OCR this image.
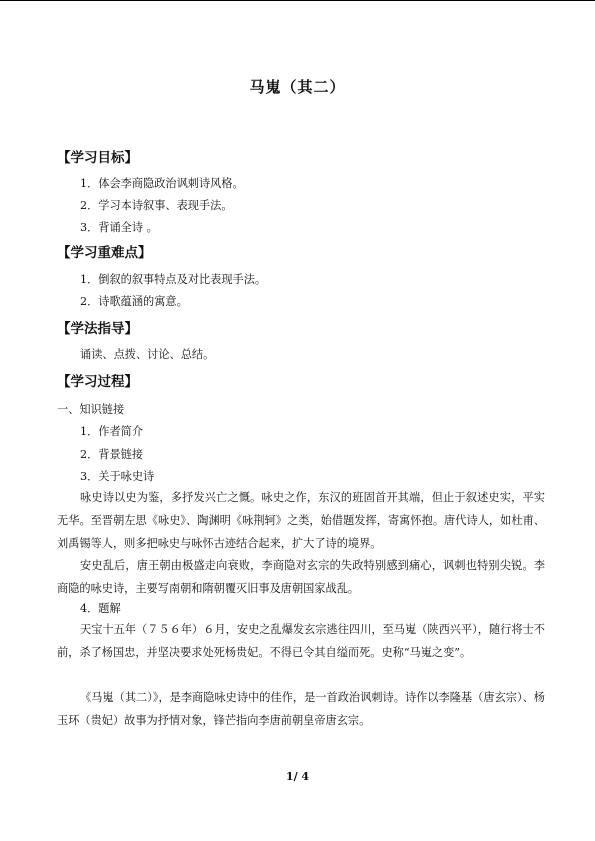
马嵬（其二）
【学习目标】
1．体会李商隐政治讽刺诗风格。
2．学习本诗叙事、表现手法。
3．背诵全诗 。
【学习重难点】
1．倒叙的叙事特点及对比表现手法。
2．诗歌蕴涵的寓意。
【学法指导】
诵读、点拨、讨论、总结。
【学习过程】
一、知识链接
1．作者简介
2．背景链接
3．关于咏史诗

咏史诗以史为鉴，多抒发兴亡之慨。咏史之作，东汉的班固首开其端，但止于叙述史实，平实无华。至晋朝左思《咏史》、陶渊明《咏荆轲》之类，始借题发挥，寄寓怀抱。唐代诗人，如杜甫、刘禹锡等人，则多把咏史与咏怀古迹结合起来，扩大了诗的境界。

安史乱后，唐王朝由极盛走向衰败，李商隐对玄宗的失政特别感到痛心，讽刺也特别尖锐。李商隐的咏史诗，主要写南朝和隋朝覆灭旧事及唐朝国家战乱。

4．题解

天宝十五年（７５６年）６月，安史之乱爆发玄宗逃往四川，至马嵬（陕西兴平），随行将士不前，杀了杨国忠，并坚决要求处死杨贵妃。不得已令其自缢而死。史称“马嵬之变”。

《马嵬（其二）》，是李商隐咏史诗中的佳作，是一首政治讽刺诗。诗作以李隆基（唐玄宗）、杨玉环（贵妃）故事为抒情对象，锋芒指向李唐前朝皇帝唐玄宗。

1/ 4
